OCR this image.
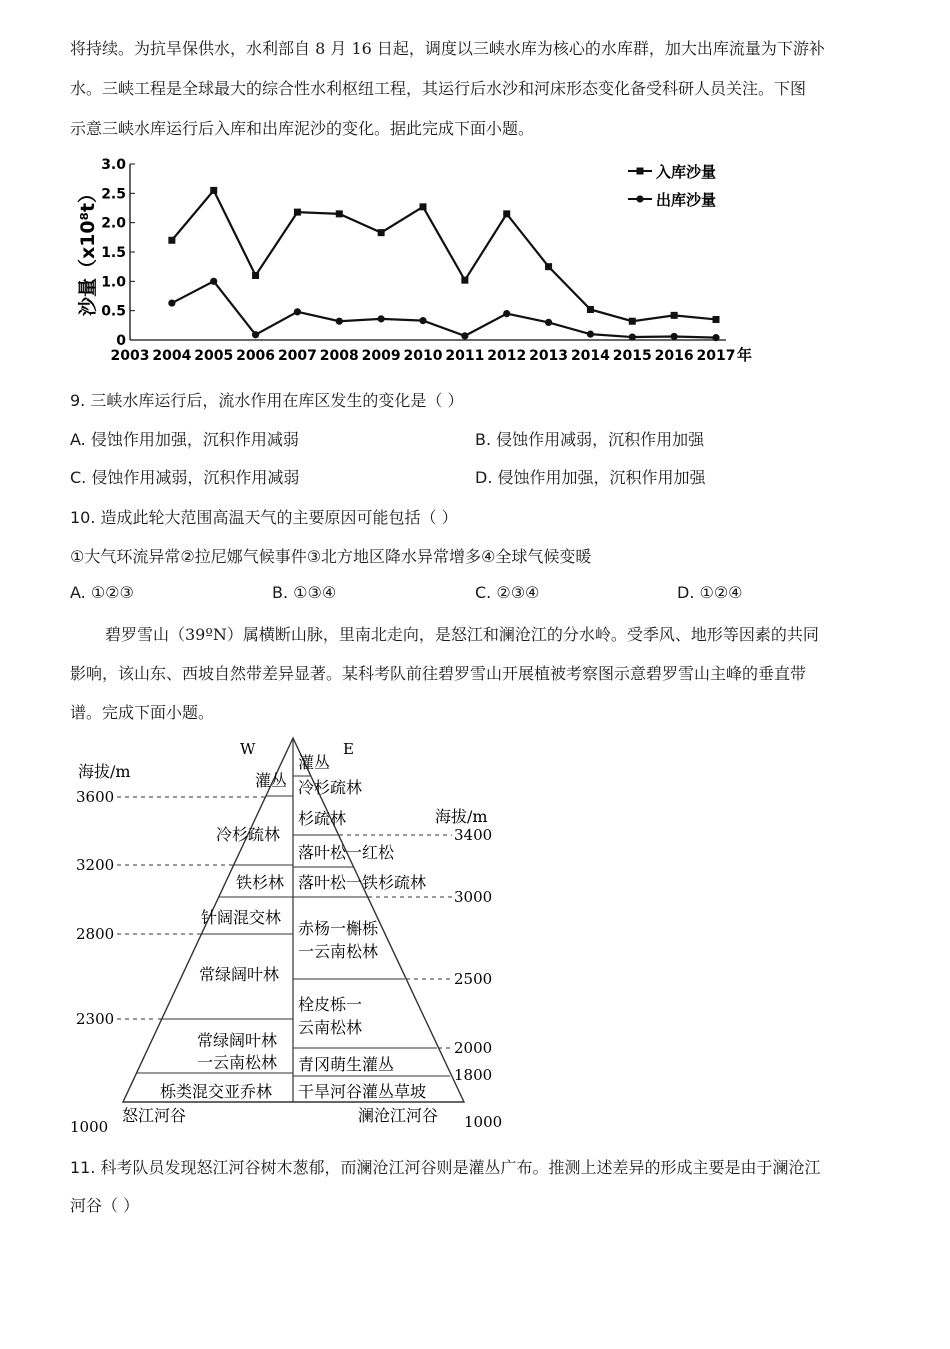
将持续。为抗旱保供水，水利部自 8 月 16 日起，调度以三峡水库为核心的水库群，加大出库流量为下游补
水。三峡工程是全球最大的综合性水利枢纽工程，其运行后水沙和河床形态变化备受科研人员关注。下图
示意三峡水库运行后入库和出库泥沙的变化。据此完成下面小题。
0
0.5
1.0
1.5
2.0
2.5
3.0
2003 2004 2005 2006 2007 2008 2009 2010 2011 2012 2013 2014 2015 2016 2017 年
沙量（x10⁸t）
入库沙量
出库沙量
9. 三峡水库运行后，流水作用在库区发生的变化是（ ）
A. 侵蚀作用加强，沉积作用减弱	B. 侵蚀作用减弱，沉积作用加强
C. 侵蚀作用减弱，沉积作用减弱	D. 侵蚀作用加强，沉积作用加强
10. 造成此轮大范围高温天气的主要原因可能包括（ ）
①大气环流异常②拉尼娜气候事件③北方地区降水异常增多④全球气候变暖
A. ①②③	B. ①③④	C. ②③④	D. ①②④
碧罗雪山（39ºN）属横断山脉，里南北走向，是怒江和澜沧江的分水岭。受季风、地形等因素的共同
影响，该山东、西坡自然带差异显著。某科考队前往碧罗雪山开展植被考察图示意碧罗雪山主峰的垂直带
谱。完成下面小题。
W	E
海拔/m
3600
3200
2800
2300
1000
海拔/m
3400
3000
2500
2000
1800
1000
灌丛
冷杉疏林
铁杉林
针阔混交林
常绿阔叶林
常绿阔叶林
一云南松林
栎类混交亚乔林
怒江河谷
灌丛
冷杉疏林
杉疏林
落叶松一红松
落叶松一铁杉疏林
赤杨一槲栎
一云南松林
栓皮栎一
云南松林
青冈萌生灌丛
干旱河谷灌丛草坡
澜沧江河谷
11. 科考队员发现怒江河谷树木葱郁，而澜沧江河谷则是灌丛广布。推测上述差异的形成主要是由于澜沧江
河谷（ ）
